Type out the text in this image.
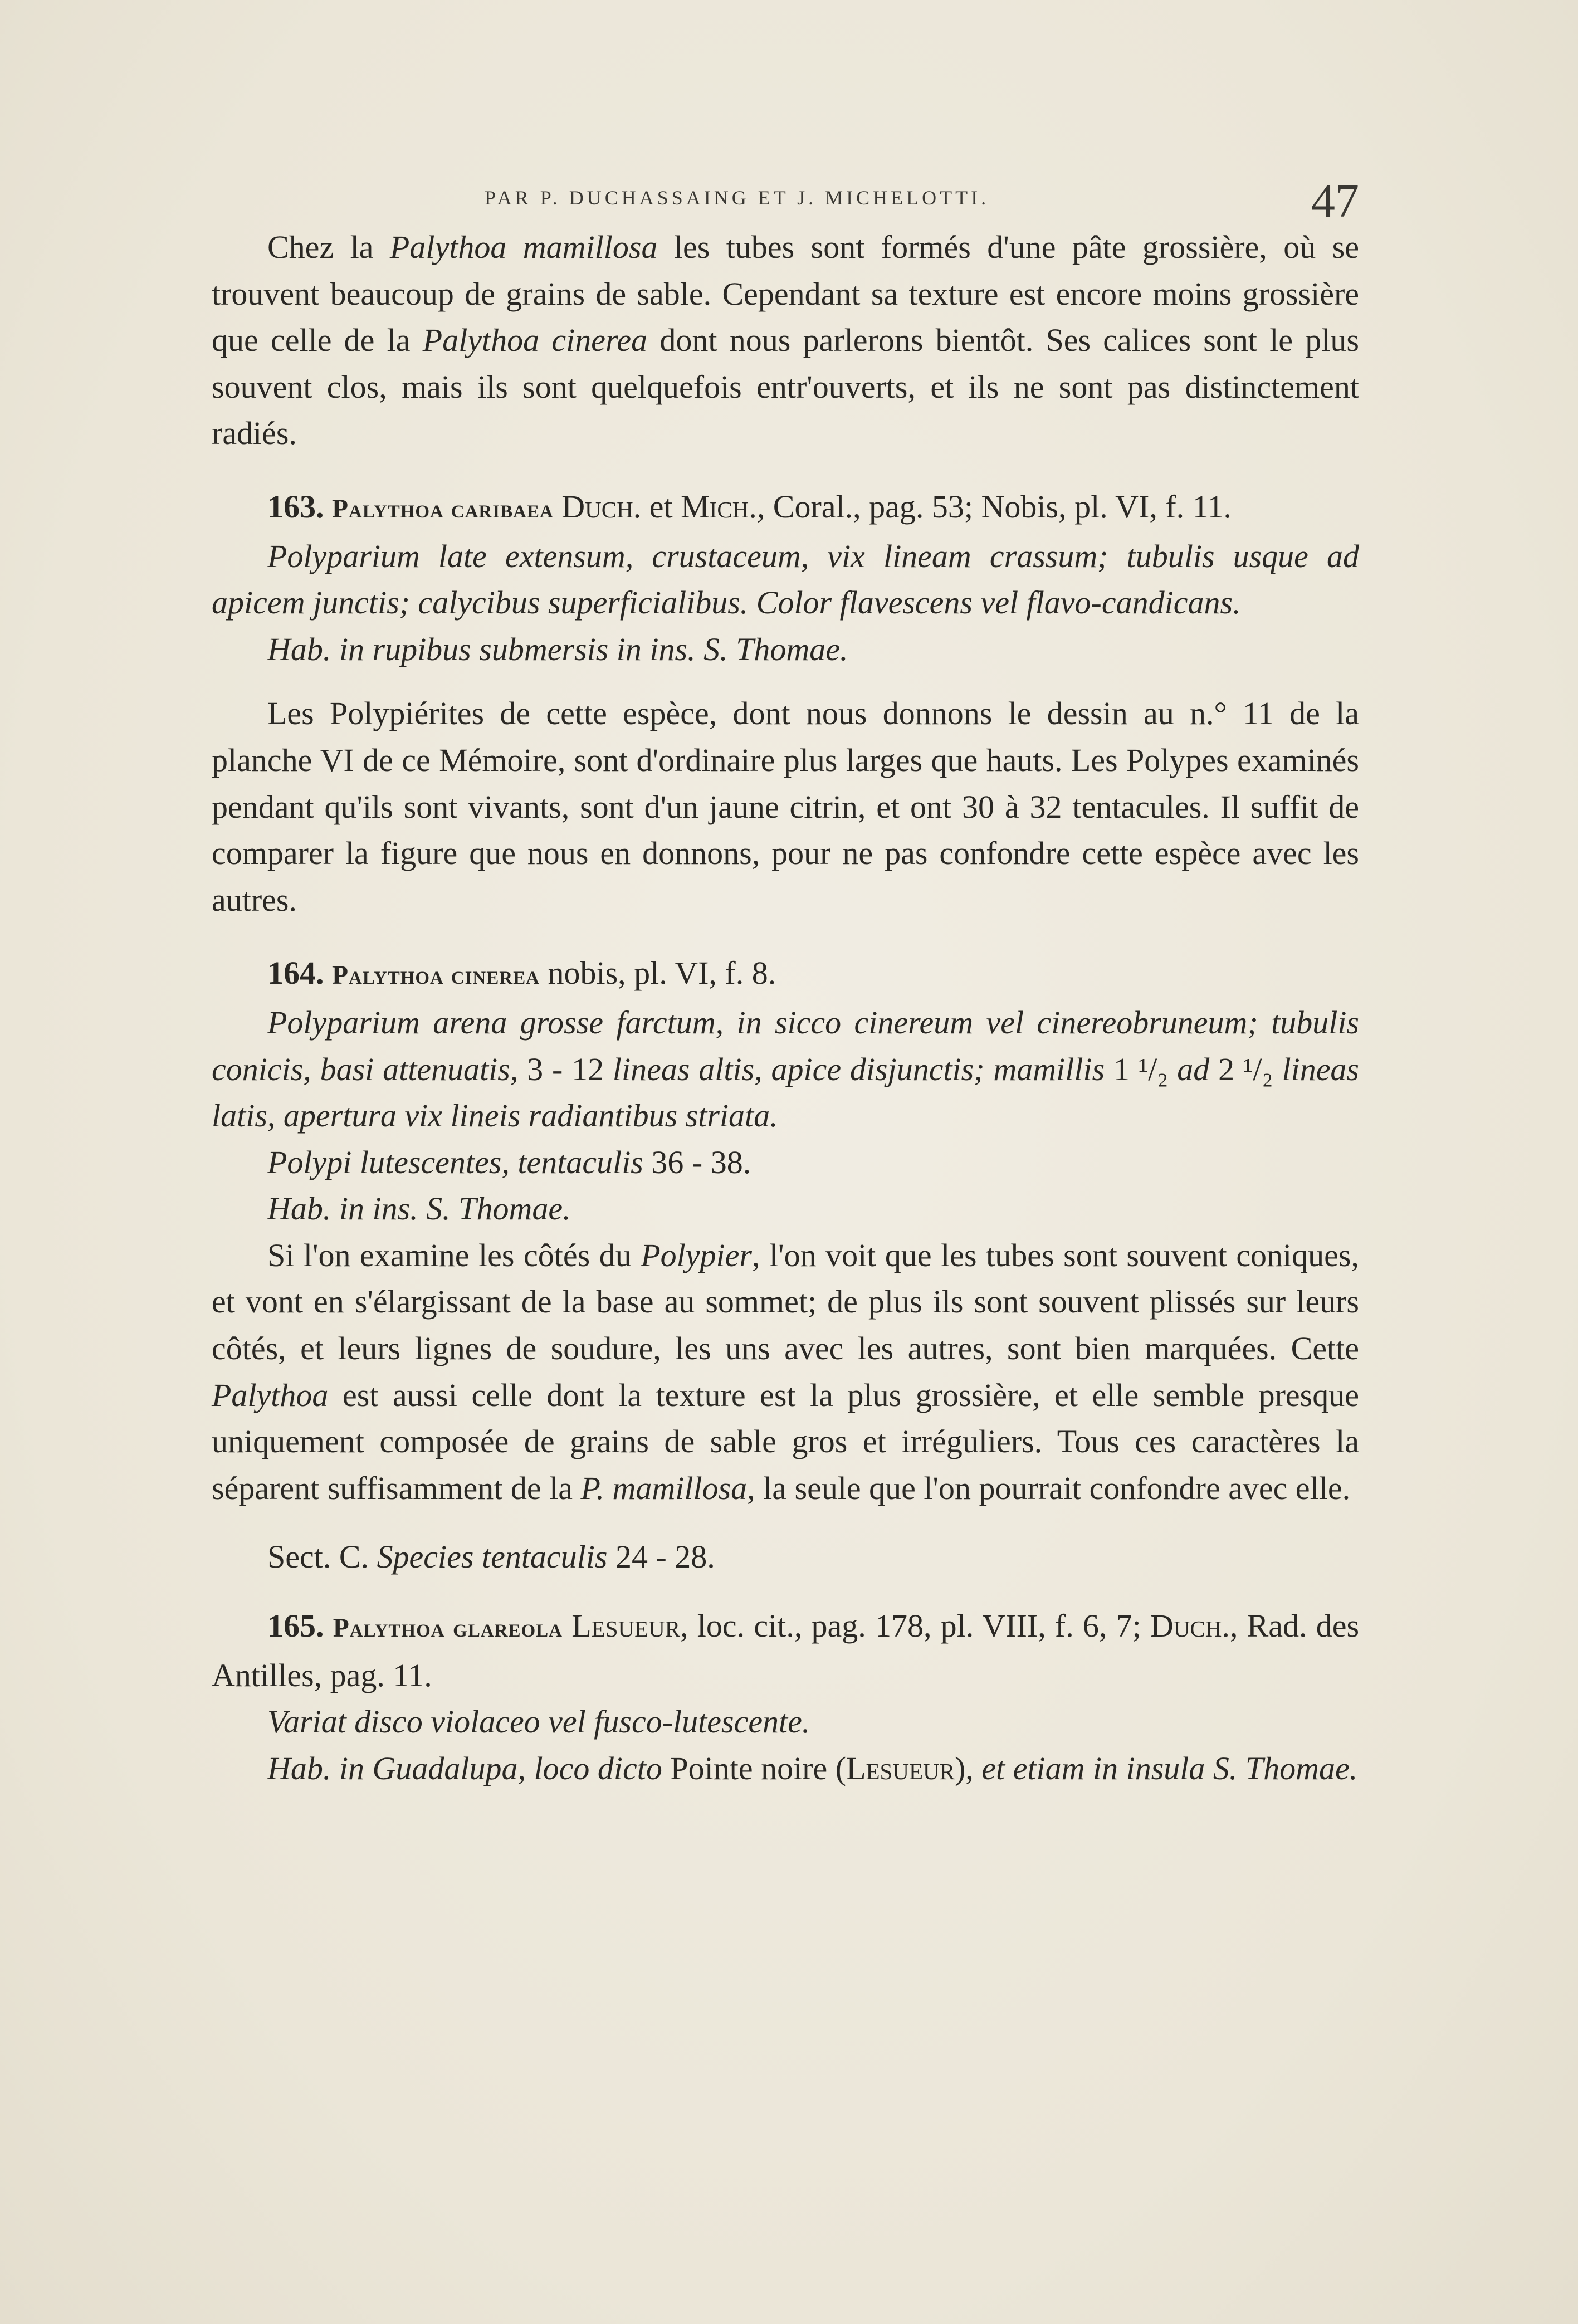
PAR P. DUCHASSAING ET J. MICHELOTTI.	47

Chez la Palythoa mamillosa les tubes sont formés d'une pâte grossière, où se trouvent beaucoup de grains de sable. Cependant sa texture est encore moins grossière que celle de la Palythoa cinerea dont nous parlerons bientôt. Ses calices sont le plus souvent clos, mais ils sont quelquefois entr'ouverts, et ils ne sont pas distinctement radiés.

163. Palythoa caribaea Duch. et Mich., Coral., pag. 53; Nobis, pl. VI, f. 11.

Polyparium late extensum, crustaceum, vix lineam crassum; tubulis usque ad apicem junctis; calycibus superficialibus. Color flavescens vel flavo-candicans.

Hab. in rupibus submersis in ins. S. Thomae.

Les Polypiérites de cette espèce, dont nous donnons le dessin au n.° 11 de la planche VI de ce Mémoire, sont d'ordinaire plus larges que hauts. Les Polypes examinés pendant qu'ils sont vivants, sont d'un jaune citrin, et ont 30 à 32 tentacules. Il suffit de comparer la figure que nous en donnons, pour ne pas confondre cette espèce avec les autres.

164. Palythoa cinerea nobis, pl. VI, f. 8.

Polyparium arena grosse farctum, in sicco cinereum vel cinereobruneum; tubulis conicis, basi attenuatis, 3 - 12 lineas altis, apice disjunctis; mamillis 1 ¹/₂ ad 2 ¹/₂ lineas latis, apertura vix lineis radiantibus striata.

Polypi lutescentes, tentaculis 36 - 38.

Hab. in ins. S. Thomae.

Si l'on examine les côtés du Polypier, l'on voit que les tubes sont souvent coniques, et vont en s'élargissant de la base au sommet; de plus ils sont souvent plissés sur leurs côtés, et leurs lignes de soudure, les uns avec les autres, sont bien marquées. Cette Palythoa est aussi celle dont la texture est la plus grossière, et elle semble presque uniquement composée de grains de sable gros et irréguliers. Tous ces caractères la séparent suffisamment de la P. mamillosa, la seule que l'on pourrait confondre avec elle.

Sect. C. Species tentaculis 24 - 28.

165. Palythoa glareola Lesueur, loc. cit., pag. 178, pl. VIII, f. 6, 7; Duch., Rad. des Antilles, pag. 11.

Variat disco violaceo vel fusco-lutescente.

Hab. in Guadalupa, loco dicto Pointe noire (Lesueur), et etiam in insula S. Thomae.
